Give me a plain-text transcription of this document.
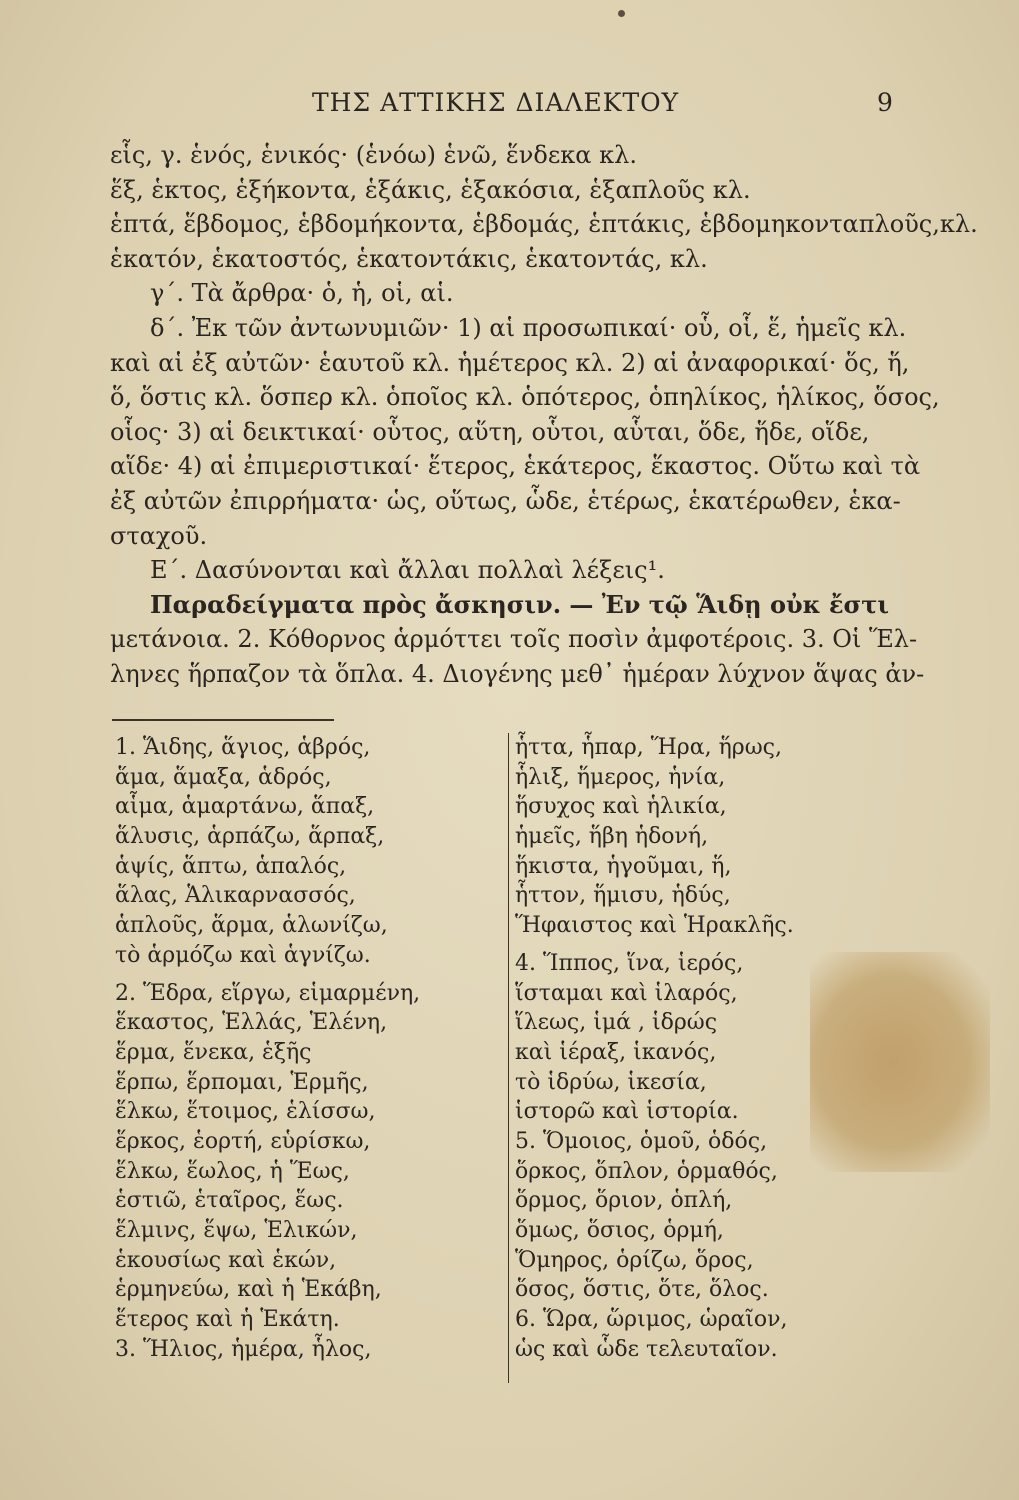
ΤΗΣ ΑΤΤΙΚΗΣ ΔΙΑΛΕΚΤΟΥ	9
εἷς, γ. ἑνός, ἑνικός· (ἑνόω) ἑνῶ, ἕνδεκα κλ.
ἕξ, ἑκτος, ἑξήκοντα, ἑξάκις, ἑξακόσια, ἑξαπλοῦς κλ.
ἑπτά, ἕβδομος, ἑβδομήκοντα, ἑβδομάς, ἑπτάκις, ἑβδομηκονταπλοῦς,κλ.
ἑκατόν, ἑκατοστός, ἑκατοντάκις, ἑκατοντάς, κλ.
γ΄. Τὰ ἄρθρα· ὁ, ἡ, οἱ, αἱ.
δ΄. Ἐκ τῶν ἀντωνυμιῶν· 1) αἱ προσωπικαί· οὗ, οἷ, ἕ, ἡμεῖς κλ.
καὶ αἱ ἐξ αὐτῶν· ἑαυτοῦ κλ. ἡμέτερος κλ. 2) αἱ ἀναφορικαί· ὅς, ἥ,
ὅ, ὅστις κλ. ὅσπερ κλ. ὁποῖος κλ. ὁπότερος, ὁπηλίκος, ἡλίκος, ὅσος,
οἷος· 3) αἱ δεικτικαί· οὗτος, αὕτη, οὗτοι, αὗται, ὅδε, ἥδε, οἵδε,
αἵδε· 4) αἱ ἐπιμεριστικαί· ἕτερος, ἑκάτερος, ἕκαστος. Οὕτω καὶ τὰ
ἐξ αὐτῶν ἐπιρρήματα· ὡς, οὕτως, ὧδε, ἑτέρως, ἑκατέρωθεν, ἑκα-
σταχοῦ.
Ε΄. Δασύνονται καὶ ἄλλαι πολλαὶ λέξεις¹.
Παραδείγματα πρὸς ἄσκησιν. — Ἐν τῷ Ἅιδῃ οὐκ ἔστι
μετάνοια. 2. Κόθορνος ἁρμόττει τοῖς ποσὶν ἀμφοτέροις. 3. Οἱ Ἕλ-
ληνες ἥρπαζον τὰ ὅπλα. 4. Διογένης μεθ᾽ ἡμέραν λύχνον ἅψας ἀν-
1. Ἅιδης, ἅγιος, ἁβρός,
ἅμα, ἅμαξα, ἁδρός,
αἷμα, ἁμαρτάνω, ἅπαξ,
ἅλυσις, ἁρπάζω, ἅρπαξ,
ἁψίς, ἅπτω, ἁπαλός,
ἅλας, Ἁλικαρνασσός,
ἁπλοῦς, ἅρμα, ἁλωνίζω,
τὸ ἁρμόζω καὶ ἁγνίζω.
2. Ἕδρα, εἵργω, εἱμαρμένη,
ἕκαστος, Ἑλλάς, Ἑλένη,
ἕρμα, ἕνεκα, ἑξῆς
ἕρπω, ἕρπομαι, Ἑρμῆς,
ἕλκω, ἕτοιμος, ἑλίσσω,
ἕρκος, ἑορτή, εὑρίσκω,
ἕλκω, ἕωλος, ἡ Ἕως,
ἑστιῶ, ἑταῖρος, ἕως.
ἕλμινς, ἕψω, Ἑλικών,
ἑκουσίως καὶ ἑκών,
ἑρμηνεύω, καὶ ἡ Ἑκάβη,
ἕτερος καὶ ἡ Ἑκάτη.
3. Ἥλιος, ἡμέρα, ἧλος,
ἧττα, ἧπαρ, Ἥρα, ἥρως,
ἧλιξ, ἥμερος, ἡνία,
ἥσυχος καὶ ἡλικία,
ἡμεῖς, ἥβη ἡδονή,
ἥκιστα, ἡγοῦμαι, ἥ,
ἧττον, ἥμισυ, ἡδύς,
Ἥφαιστος καὶ Ἡρακλῆς.
4. Ἵππος, ἵνα, ἱερός,
ἵσταμαι καὶ ἱλαρός,
ἵλεως, ἱμά , ἱδρώς
καὶ ἱέραξ, ἱκανός,
τὸ ἱδρύω, ἱκεσία,
ἱστορῶ καὶ ἱστορία.
5. Ὅμοιος, ὁμοῦ, ὁδός,
ὅρκος, ὅπλον, ὁρμαθός,
ὅρμος, ὅριον, ὁπλή,
ὅμως, ὅσιος, ὁρμή,
Ὅμηρος, ὁρίζω, ὅρος,
ὅσος, ὅστις, ὅτε, ὅλος.
6. Ὥρα, ὥριμος, ὡραῖον,
ὡς καὶ ὧδε τελευταῖον.
